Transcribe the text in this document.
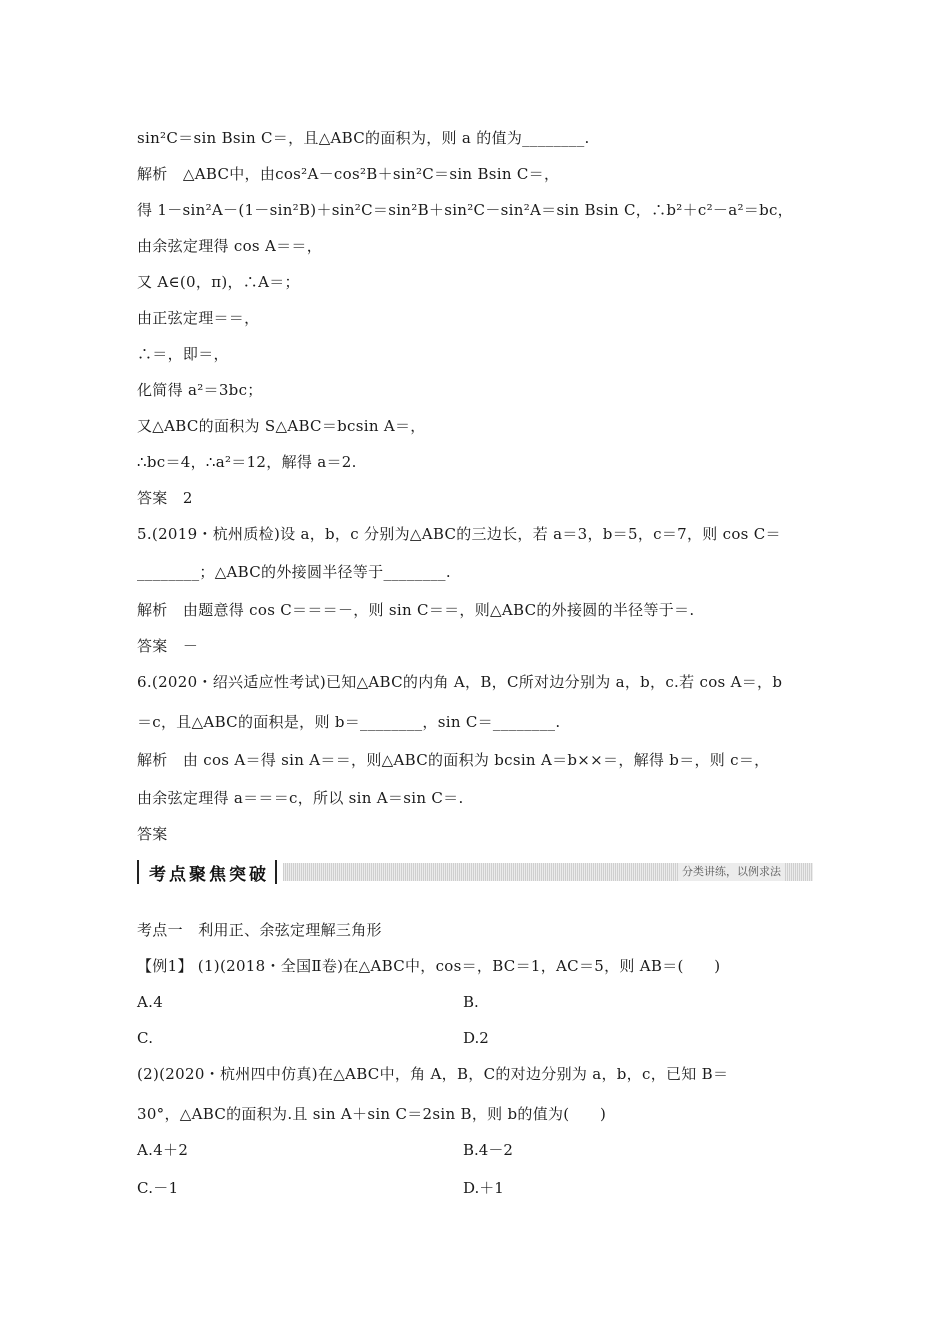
sin²C＝sin Bsin C＝，且△ABC的面积为，则 a 的值为________.
解析　△ABC中，由cos²A－cos²B＋sin²C＝sin Bsin C＝，
得 1－sin²A－(1－sin²B)＋sin²C＝sin²B＋sin²C－sin²A＝sin Bsin C，∴b²＋c²－a²＝bc，
由余弦定理得 cos A＝＝，
又 A∈(0，π)，∴A＝；
由正弦定理＝＝，
∴＝，即＝，
化简得 a²＝3bc；
又△ABC的面积为 S△ABC＝bcsin A＝，
∴bc＝4，∴a²＝12，解得 a＝2.
答案　2
5.(2019・杭州质检)设 a，b，c 分别为△ABC的三边长，若 a＝3，b＝5，c＝7，则 cos C＝
________；△ABC的外接圆半径等于________.
解析　由题意得 cos C＝＝＝－，则 sin C＝＝，则△ABC的外接圆的半径等于＝.
答案　－
6.(2020・绍兴适应性考试)已知△ABC的内角 A，B，C所对边分别为 a，b，c.若 cos A＝，b
＝c，且△ABC的面积是，则 b＝________，sin C＝________.
解析　由 cos A＝得 sin A＝＝，则△ABC的面积为 bcsin A＝b××＝，解得 b＝，则 c＝，
由余弦定理得 a＝＝＝c，所以 sin A＝sin C＝.
答案
考点聚焦突破	分类讲练，以例求法
考点一　利用正、余弦定理解三角形
【例1】 (1)(2018・全国Ⅱ卷)在△ABC中，cos＝，BC＝1，AC＝5，则 AB＝(　　)
A.4	B.
C.	D.2
(2)(2020・杭州四中仿真)在△ABC中，角 A，B，C的对边分别为 a，b，c，已知 B＝
30°，△ABC的面积为.且 sin A＋sin C＝2sin B，则 b的值为(　　)
A.4＋2	B.4－2
C.－1	D.＋1
